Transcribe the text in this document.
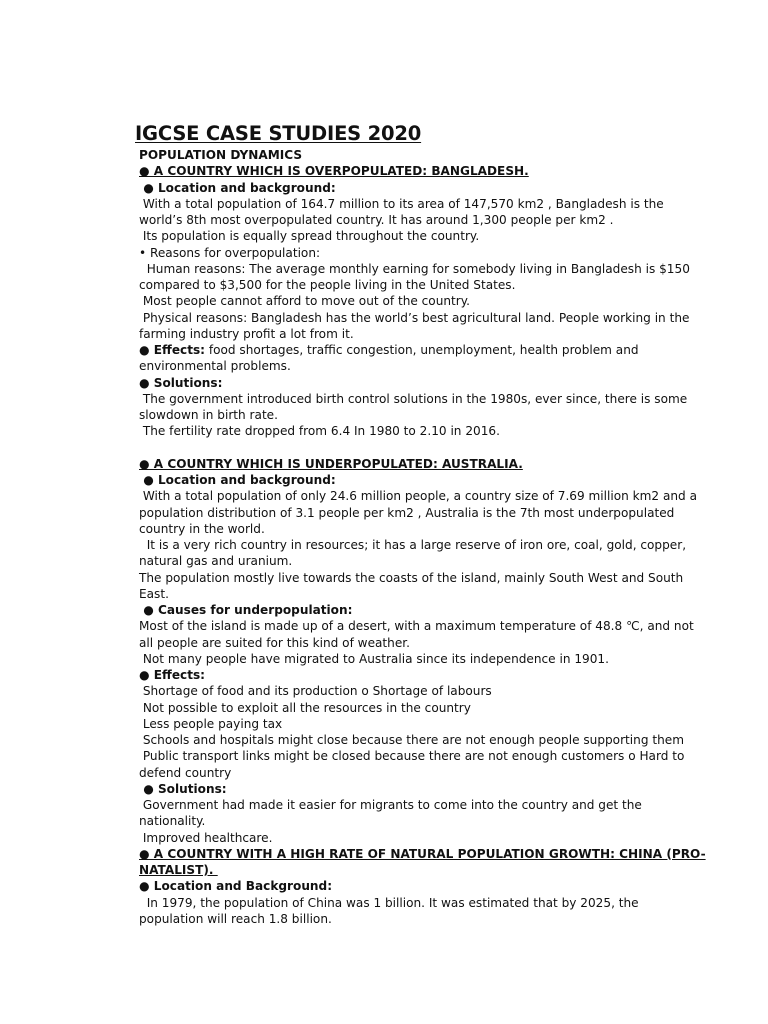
IGCSE CASE STUDIES 2020
POPULATION DYNAMICS
● A COUNTRY WHICH IS OVERPOPULATED: BANGLADESH.
● Location and background:
With a total population of 164.7 million to its area of 147,570 km2 , Bangladesh is the
world’s 8th most overpopulated country. It has around 1,300 people per km2 .
Its population is equally spread throughout the country.
• Reasons for overpopulation:
Human reasons: The average monthly earning for somebody living in Bangladesh is $150
compared to $3,500 for the people living in the United States.
Most people cannot afford to move out of the country.
Physical reasons: Bangladesh has the world’s best agricultural land. People working in the
farming industry profit a lot from it.
● Effects: food shortages, traffic congestion, unemployment, health problem and
environmental problems.
● Solutions:
The government introduced birth control solutions in the 1980s, ever since, there is some
slowdown in birth rate.
The fertility rate dropped from 6.4 In 1980 to 2.10 in 2016.
● A COUNTRY WHICH IS UNDERPOPULATED: AUSTRALIA.
● Location and background:
With a total population of only 24.6 million people, a country size of 7.69 million km2 and a
population distribution of 3.1 people per km2 , Australia is the 7th most underpopulated
country in the world.
It is a very rich country in resources; it has a large reserve of iron ore, coal, gold, copper,
natural gas and uranium.
The population mostly live towards the coasts of the island, mainly South West and South
East.
● Causes for underpopulation:
Most of the island is made up of a desert, with a maximum temperature of 48.8 ℃, and not
all people are suited for this kind of weather.
Not many people have migrated to Australia since its independence in 1901.
● Effects:
Shortage of food and its production o Shortage of labours
Not possible to exploit all the resources in the country
Less people paying tax
Schools and hospitals might close because there are not enough people supporting them
Public transport links might be closed because there are not enough customers o Hard to
defend country
● Solutions:
Government had made it easier for migrants to come into the country and get the
nationality.
Improved healthcare.
● A COUNTRY WITH A HIGH RATE OF NATURAL POPULATION GROWTH: CHINA (PRO-
NATALIST).
● Location and Background:
In 1979, the population of China was 1 billion. It was estimated that by 2025, the
population will reach 1.8 billion.
